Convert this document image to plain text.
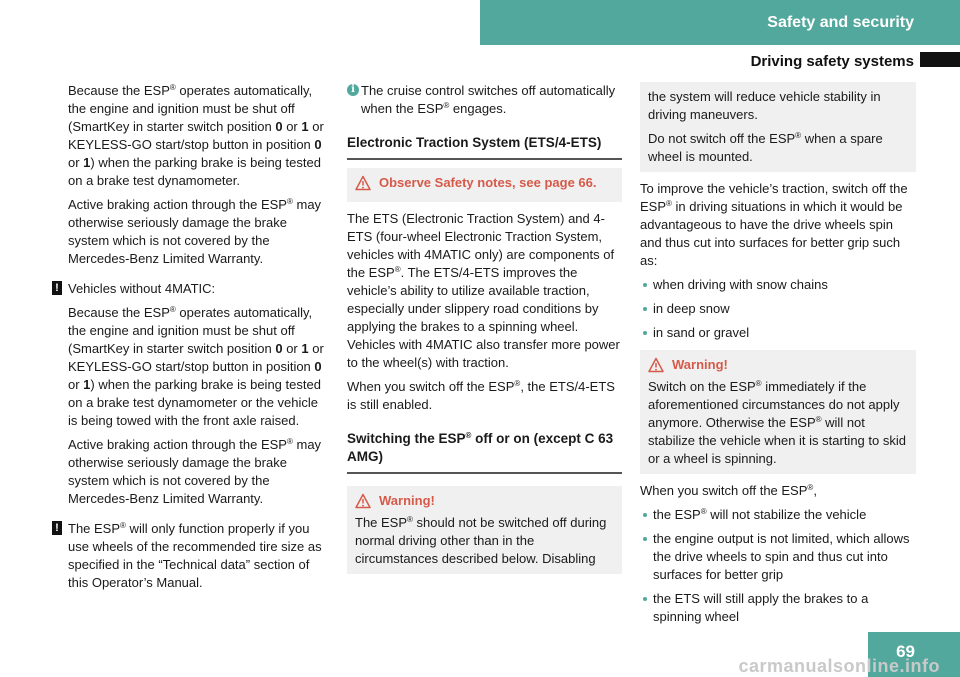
Safety and security
Driving safety systems

Because the ESP® operates automatically, the engine and ignition must be shut off (SmartKey in starter switch position 0 or 1 or KEYLESS-GO start/stop button in position 0 or 1) when the parking brake is being tested on a brake test dynamometer.

Active braking action through the ESP® may otherwise seriously damage the brake system which is not covered by the Mercedes-Benz Limited Warranty.

! Vehicles without 4MATIC:

Because the ESP® operates automatically, the engine and ignition must be shut off (SmartKey in starter switch position 0 or 1 or KEYLESS-GO start/stop button in position 0 or 1) when the parking brake is being tested on a brake test dynamometer or the vehicle is being towed with the front axle raised.

Active braking action through the ESP® may otherwise seriously damage the brake system which is not covered by the Mercedes-Benz Limited Warranty.

! The ESP® will only function properly if you use wheels of the recommended tire size as specified in the “Technical data” section of this Operator’s Manual.

i The cruise control switches off automatically when the ESP® engages.

Electronic Traction System (ETS/4-ETS)
Observe Safety notes, see page 66.

The ETS (Electronic Traction System) and 4-ETS (four-wheel Electronic Traction System, vehicles with 4MATIC only) are components of the ESP®. The ETS/4-ETS improves the vehicle’s ability to utilize available traction, especially under slippery road conditions by applying the brakes to a spinning wheel. Vehicles with 4MATIC also transfer more power to the wheel(s) with traction.

When you switch off the ESP®, the ETS/4-ETS is still enabled.

Switching the ESP® off or on (except C 63 AMG)
Warning!

The ESP® should not be switched off during normal driving other than in the circumstances described below. Disabling

the system will reduce vehicle stability in driving maneuvers.

Do not switch off the ESP® when a spare wheel is mounted.

To improve the vehicle’s traction, switch off the ESP® in driving situations in which it would be advantageous to have the drive wheels spin and thus cut into surfaces for better grip such as:

when driving with snow chains
in deep snow
in sand or gravel
Warning!

Switch on the ESP® immediately if the aforementioned circumstances do not apply anymore. Otherwise the ESP® will not stabilize the vehicle when it is starting to skid or a wheel is spinning.

When you switch off the ESP®,

the ESP® will not stabilize the vehicle
the engine output is not limited, which allows the drive wheels to spin and thus cut into surfaces for better grip
the ETS will still apply the brakes to a spinning wheel
69
carmanualsonline.info
